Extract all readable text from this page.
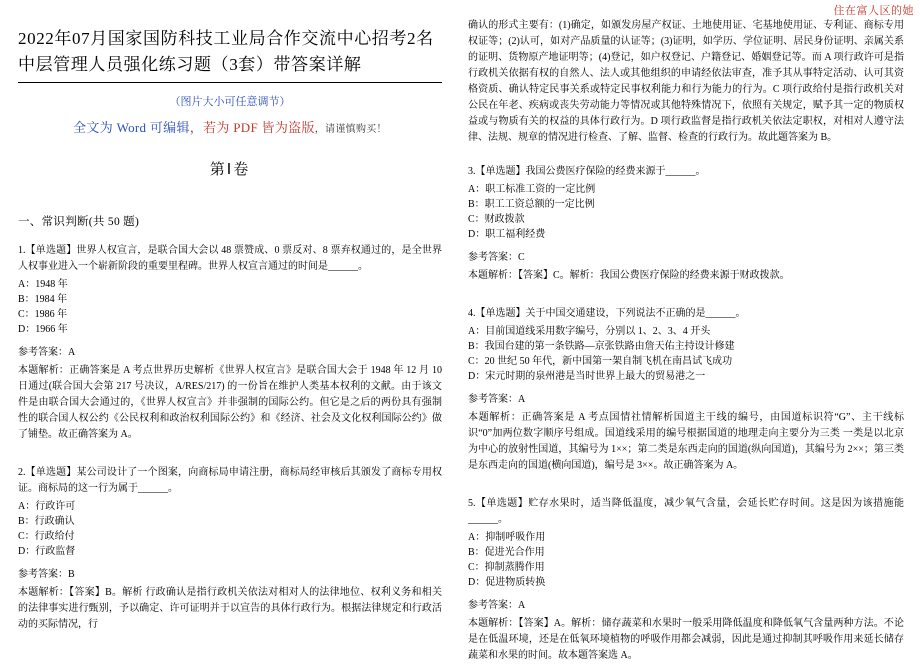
住在富人区的她
2022年07月国家国防科技工业局合作交流中心招考2名中层管理人员强化练习题（3套）带答案详解
（图片大小可任意调节）
全文为 Word 可编辑，若为 PDF 皆为盗版，请谨慎购买！
第Ⅰ卷
一、常识判断(共 50 题)
1.【单选题】世界人权宣言，是联合国大会以 48 票赞成、0 票反对、8 票弃权通过的，是全世界人权事业进入一个崭新阶段的重要里程碑。世界人权宣言通过的时间是______。
A：1948 年
B：1984 年
C：1986 年
D：1966 年
参考答案：A
本题解析：正确答案是 A 考点世界历史解析《世界人权宣言》是联合国大会于 1948 年 12 月 10 日通过(联合国大会第 217 号决议，A/RES/217) 的一份旨在维护人类基本权利的文献。由于该文件是由联合国大会通过的，《世界人权宣言》并非强制的国际公约。但它是之后的两份具有强制性的联合国人权公约《公民权利和政治权利国际公约》和《经济、社会及文化权利国际公约》做了铺垫。故正确答案为 A。
2.【单选题】某公司设计了一个图案，向商标局申请注册，商标局经审核后其颁发了商标专用权证。商标局的这一行为属于______。
A：行政许可
B：行政确认
C：行政给付
D：行政监督
参考答案：B
本题解析：【答案】B。解析 行政确认是指行政机关依法对相对人的法律地位、权利义务和相关的法律事实进行甄别，予以确定、许可证明并于以宣告的具体行政行为。根据法律规定和行政活动的买际情况，行
确认的形式主要有：(1)确定，如颁发房屋产权证、土地使用证、宅基地使用证、专利证、商标专用权证等；(2)认可，如对产品质量的认证等；(3)证明，如学历、学位证明、居民身份证明、亲属关系的证明、货物原产地证明等；(4)登记，如户权登记、户籍登记、婚姻登记等。而 A 项行政许可是指行政机关依据有权的自然人、法人或其他组织的申请经依法审查，准予其从事特定活动、认可其资格资质、确认特定民事关系或特定民事权利能力和行为能力的行为。C 项行政给付是指行政机关对公民在年老、疾病或丧失劳动能力等情况或其他特殊情况下，依照有关规定，赋予其一定的物质权益或与物质有关的权益的具体行政行为。D 项行政监督是指行政机关依法定职权，对相对人遵守法律、法规、规章的情况进行检查、了解、监督、检查的行政行为。故此题答案为 B。
3.【单选题】我国公费医疗保险的经费来源于______。
A：职工标准工资的一定比例
B：职工工资总额的一定比例
C：财政拨款
D：职工福利经费
参考答案：C
本题解析：【答案】C。解析：我国公费医疗保险的经费来源于财政拨款。
4.【单选题】关于中国交通建设，下列说法不正确的是______。
A：目前国道线采用数字编号，分别以 1、2、3、4 开头
B：我国台建的第一条铁路—京张铁路由詹天佑主持设计修建
C：20 世纪 50 年代，新中国第一架自制飞机在南昌试飞成功
D：宋元时期的泉州港是当时世界上最大的贸易港之一
参考答案：A
本题解析：正确答案是 A 考点国情社情解析国道主干线的编号，由国道标识符“G”、主干线标识“0”加两位数字顺序号组成。国道线采用的编号根据国道的地理走向主要分为三类 一类是以北京为中心的放射性国道，其编号为 1××；第二类是东西走向的国道(纵向国道)，其编号为 2××；第三类是东西走向的国道(横向国道)，编号是 3××。故正确答案为 A。
5.【单选题】贮存水果时，适当降低温度，减少氧气含量，会延长贮存时间。这是因为该措施能______。
A：抑制呼吸作用
B：促进光合作用
C：抑制蒸腾作用
D：促进物质转换
参考答案：A
本题解析：【答案】A。解析：储存蔬菜和水果时一般采用降低温度和降低氧气含量两种方法。不论是在低温环境，还是在低氧环境植物的呼吸作用都会减弱，因此是通过抑制其呼吸作用来延长储存蔬菜和水果的时间。故本题答案选 A。
